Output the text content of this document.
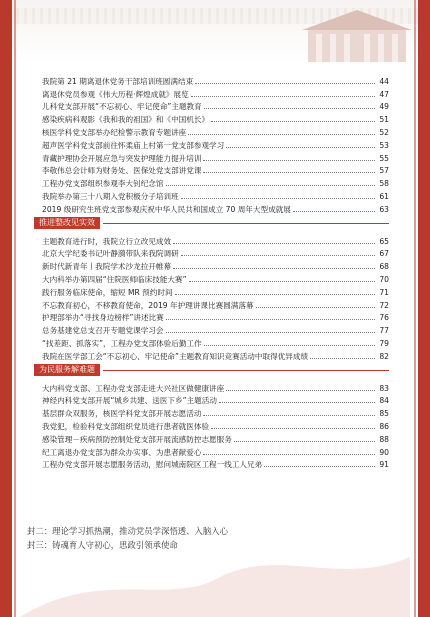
我院第 21 期离退休党务干部培训班圆满结束	44
离退休党员参观《伟大历程·辉煌成就》展览	47
儿科党支部开展“不忘初心、牢记使命”主题教育	49
感染疾病科观影《我和我的祖国》和《中国机长》	51
核医学科党支部举办纪检警示教育专题讲座	52
超声医学科党支部前往怀柔庙上村第一党支部参观学习	53
青藏护理协会开展应急与突发护理能力提升培训	55
李敬伟总会计师为财务处、医保处党支部讲党课	57
工程办党支部组织参观李大钊纪念馆	58
我院举办第三十八期入党积极分子培训班	61
2019 级研究生班党支部参观庆祝中华人民共和国成立 70 周年大型成就展	63
推进整改见实效
主题教育进行时，我院立行立改见成效	65
北京大学纪委书记叶静漪带队来我院调研	67
新时代新青年丨我院学术沙龙拉开帷幕	68
大内科举办第四届“住院医师临床技能大赛”	70
践行服务临床使命，缩短 MR 预约时间	71
不忘教育初心，不移教育使命，2019 年护理讲课比赛圆满落幕	72
护理部举办“寻找身边榜样”讲述比赛	76
总务基建党总支召开专题党课学习会	77
“找差距、抓落实”，工程办党支部体验后勤工作	79
我院在医学部工会“不忘初心、牢记使命”主题教育知识竞赛活动中取得优异成绩	82
为民服务解难题
大内科党支部、工程办党支部走进大兴社区做健康讲座	83
神经内科党支部开展“城乡共建、送医下乡”主题活动	84
基层群众双服务，核医学科党支部开展志愿活动	85
我党犯，检验科党支部组织党员进行患者就医体验	86
感染管理－疾病预防控制处党支部开展流感防控志愿服务	88
纪工离退办党支部为群众办实事、为患者献爱心	90
工程办党支部开展志愿服务活动，慰问城南院区工程一线工人兄弟	91
封二：理论学习抓热潮，推动党员学深悟透、入脑入心
封三：铸魂育人守初心，思政引领承使命
